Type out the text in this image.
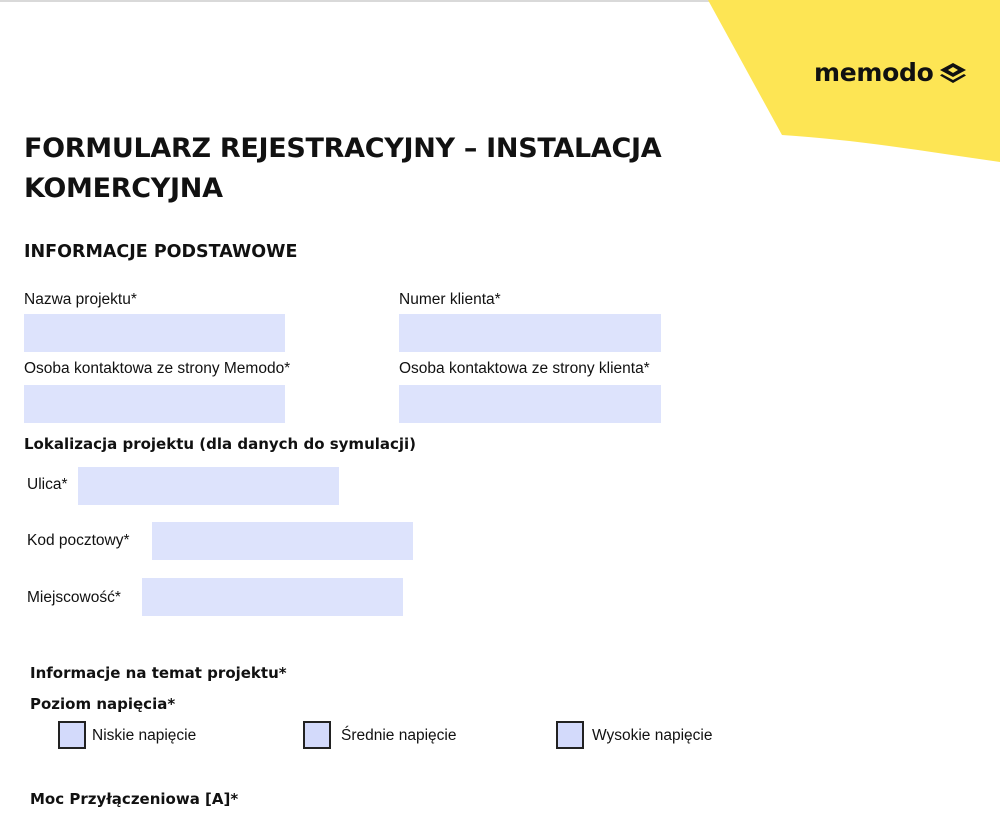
memodo
FORMULARZ REJESTRACYJNY – INSTALACJA KOMERCYJNA
INFORMACJE PODSTAWOWE
Nazwa projektu*	Numer klienta*
Osoba kontaktowa ze strony Memodo*	Osoba kontaktowa ze strony klienta*
Lokalizacja projektu (dla danych do symulacji)
Ulica*
Kod pocztowy*
Miejscowość*
Informacje na temat projektu*
Poziom napięcia*
Niskie napięcie	Średnie napięcie	Wysokie napięcie
Moc Przyłączeniowa [A]*
